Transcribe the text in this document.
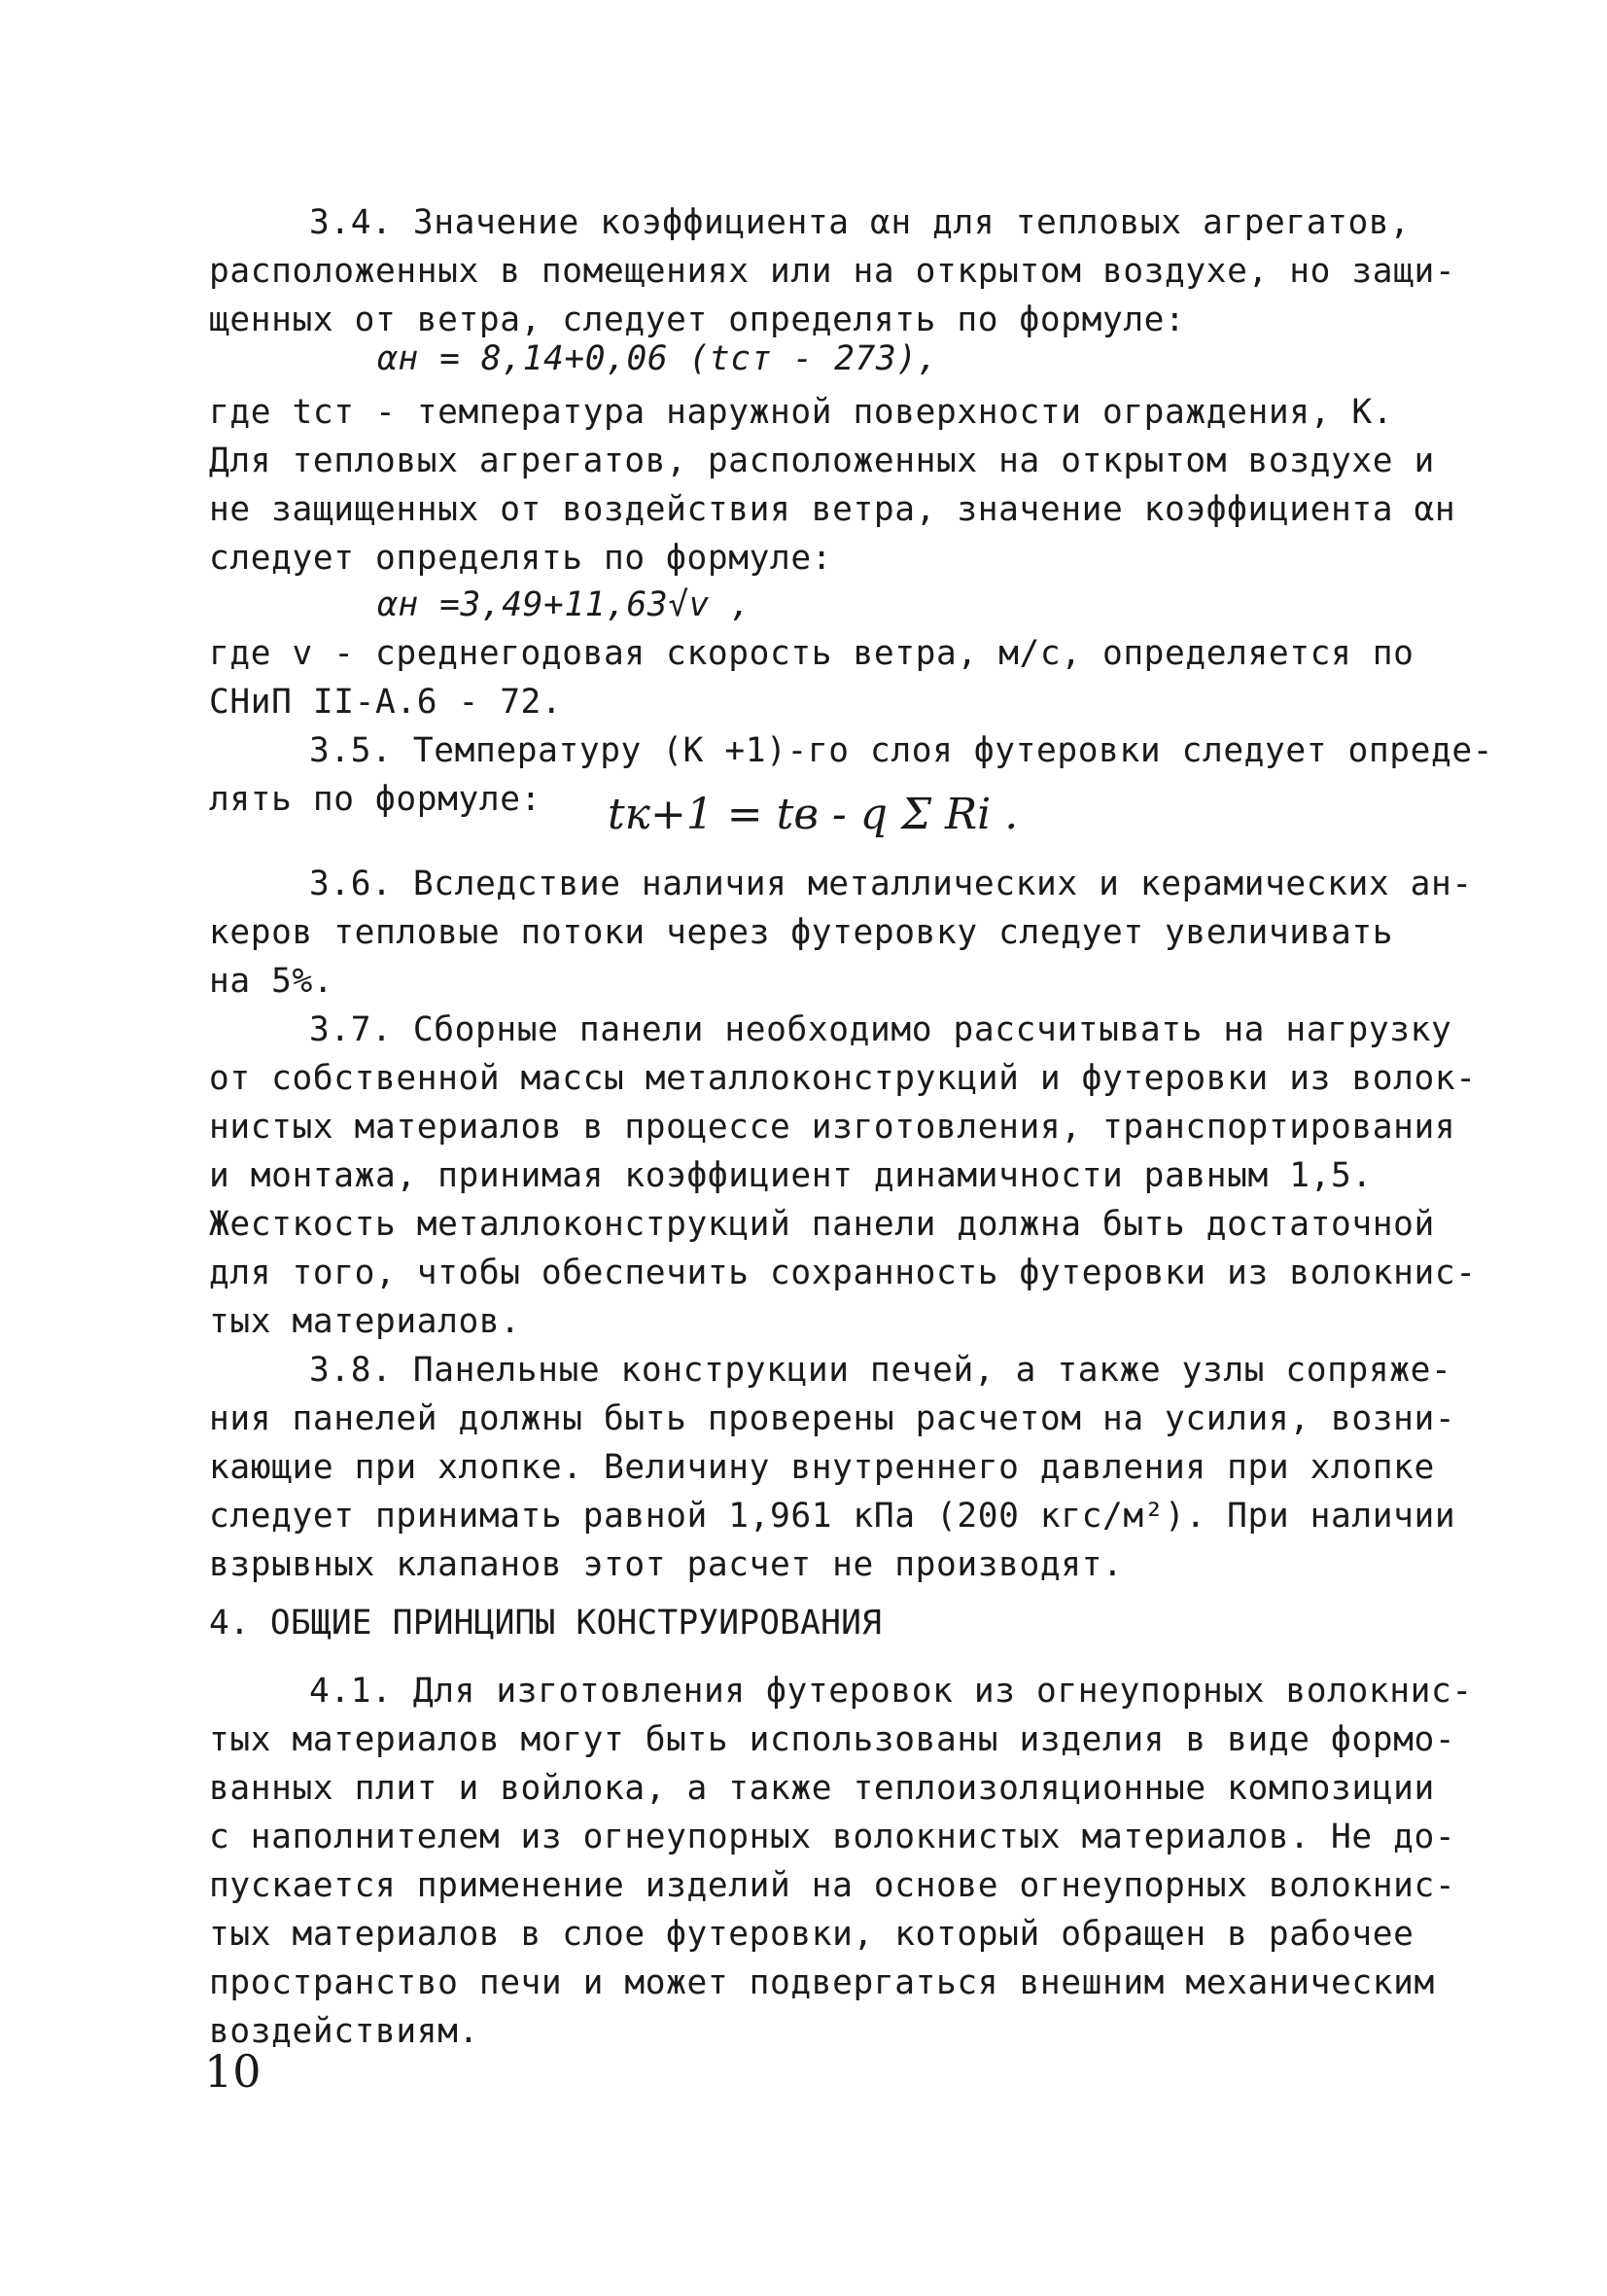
3.4. Значение коэффициента αн для тепловых агрегатов,
расположенных в помещениях или на открытом воздухе, но защи-
щенных от ветра, следует определять по формуле:
αн = 8,14+0,06 (tст - 273),
где tст - температура наружной поверхности ограждения, К.
Для тепловых агрегатов, расположенных на открытом воздухе и
не защищенных от воздействия ветра, значение коэффициента αн
следует определять по формуле:
αн =3,49+11,63√v ,
где v - среднегодовая скорость ветра, м/с, определяется по
СНиП II-А.6 - 72.
3.5. Температуру (K +1)-го слоя футеровки следует опреде-
лять по формуле: tк+1 = tв - q Σ Ri .
3.6. Вследствие наличия металлических и керамических ан-
керов тепловые потоки через футеровку следует увеличивать
на 5%.
3.7. Сборные панели необходимо рассчитывать на нагрузку
от собственной массы металлоконструкций и футеровки из волок-
нистых материалов в процессе изготовления, транспортирования
и монтажа, принимая коэффициент динамичности равным 1,5.
Жесткость металлоконструкций панели должна быть достаточной
для того, чтобы обеспечить сохранность футеровки из волокнис-
тых материалов.
3.8. Панельные конструкции печей, а также узлы сопряже-
ния панелей должны быть проверены расчетом на усилия, возни-
кающие при хлопке. Величину внутреннего давления при хлопке
следует принимать равной 1,961 кПа (200 кгс/м²). При наличии
взрывных клапанов этот расчет не производят.
4. ОБЩИЕ ПРИНЦИПЫ КОНСТРУИРОВАНИЯ
4.1. Для изготовления футеровок из огнеупорных волокнис-
тых материалов могут быть использованы изделия в виде формо-
ванных плит и войлока, а также теплоизоляционные композиции
с наполнителем из огнеупорных волокнистых материалов. Не до-
пускается применение изделий на основе огнеупорных волокнис-
тых материалов в слое футеровки, который обращен в рабочее
пространство печи и может подвергаться внешним механическим
воздействиям.
10
